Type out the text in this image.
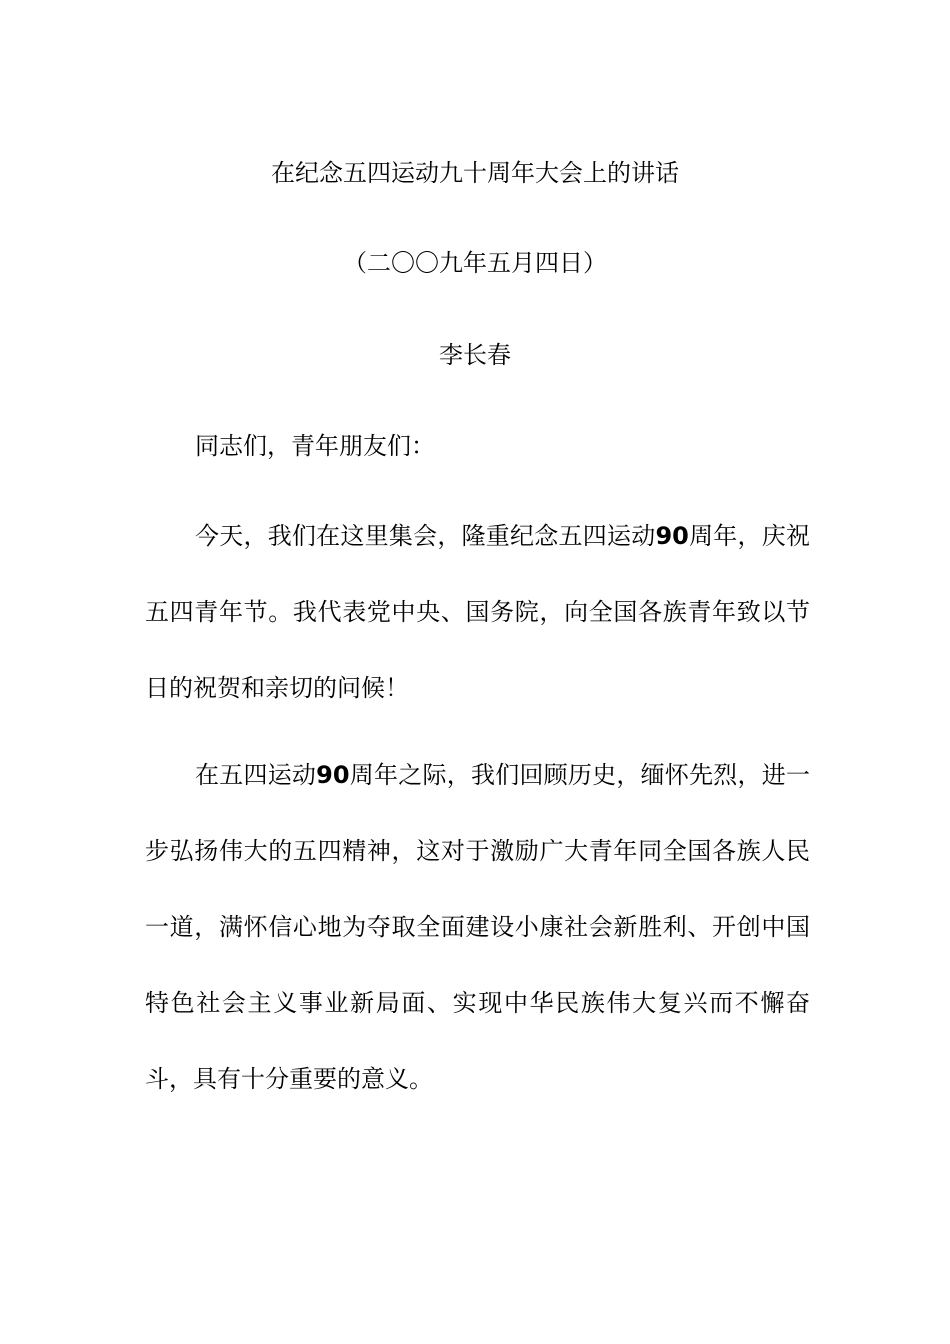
在纪念五四运动九十周年大会上的讲话
（二〇〇九年五月四日）
李长春

同志们，青年朋友们：

今天，我们在这里集会，隆重纪念五四运动90周年，庆祝五四青年节。我代表党中央、国务院，向全国各族青年致以节日的祝贺和亲切的问候！

在五四运动90周年之际，我们回顾历史，缅怀先烈，进一步弘扬伟大的五四精神，这对于激励广大青年同全国各族人民一道，满怀信心地为夺取全面建设小康社会新胜利、开创中国特色社会主义事业新局面、实现中华民族伟大复兴而不懈奋斗，具有十分重要的意义。
